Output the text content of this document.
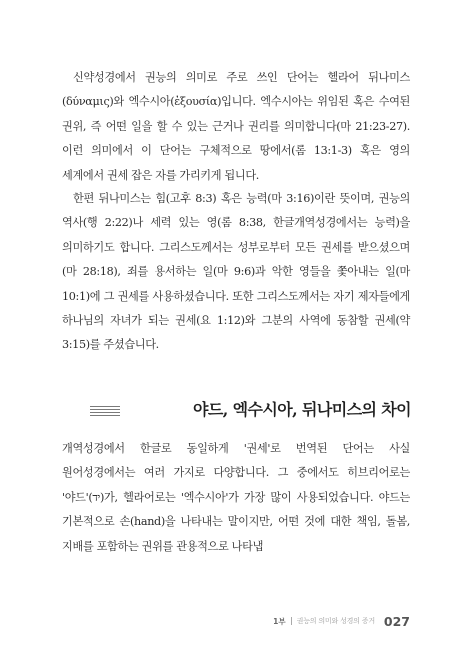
신약성경에서 권능의 의미로 주로 쓰인 단어는 헬라어 뒤나미스(δύναμις)와 엑수시아(ἐξουσία)입니다. 엑수시아는 위임된 혹은 수여된 권위, 즉 어떤 일을 할 수 있는 근거나 권리를 의미합니다(마 21:23-27). 이런 의미에서 이 단어는 구체적으로 땅에서(롬 13:1-3) 혹은 영의 세계에서 권세 잡은 자를 가리키게 됩니다.

한편 뒤나미스는 힘(고후 8:3) 혹은 능력(마 3:16)이란 뜻이며, 권능의 역사(행 2:22)나 세력 있는 영(롬 8:38, 한글개역성경에서는 능력)을 의미하기도 합니다. 그리스도께서는 성부로부터 모든 권세를 받으셨으며(마 28:18), 죄를 용서하는 일(마 9:6)과 악한 영들을 쫓아내는 일(마 10:1)에 그 권세를 사용하셨습니다. 또한 그리스도께서는 자기 제자들에게 하나님의 자녀가 되는 권세(요 1:12)와 그분의 사역에 동참할 권세(약 3:15)를 주셨습니다.

야드, 엑수시아, 뒤나미스의 차이

개역성경에서 한글로 동일하게 '권세'로 번역된 단어는 사실 원어성경에서는 여러 가지로 다양합니다. 그 중에서도 히브리어로는 '야드'(יד)가, 헬라어로는 '엑수시아'가 가장 많이 사용되었습니다. 야드는 기본적으로 손(hand)을 나타내는 말이지만, 어떤 것에 대한 책임, 돌봄, 지배를 포함하는 권위를 관용적으로 나타냅

1부 권능의 의미와 성경의 증거 027
